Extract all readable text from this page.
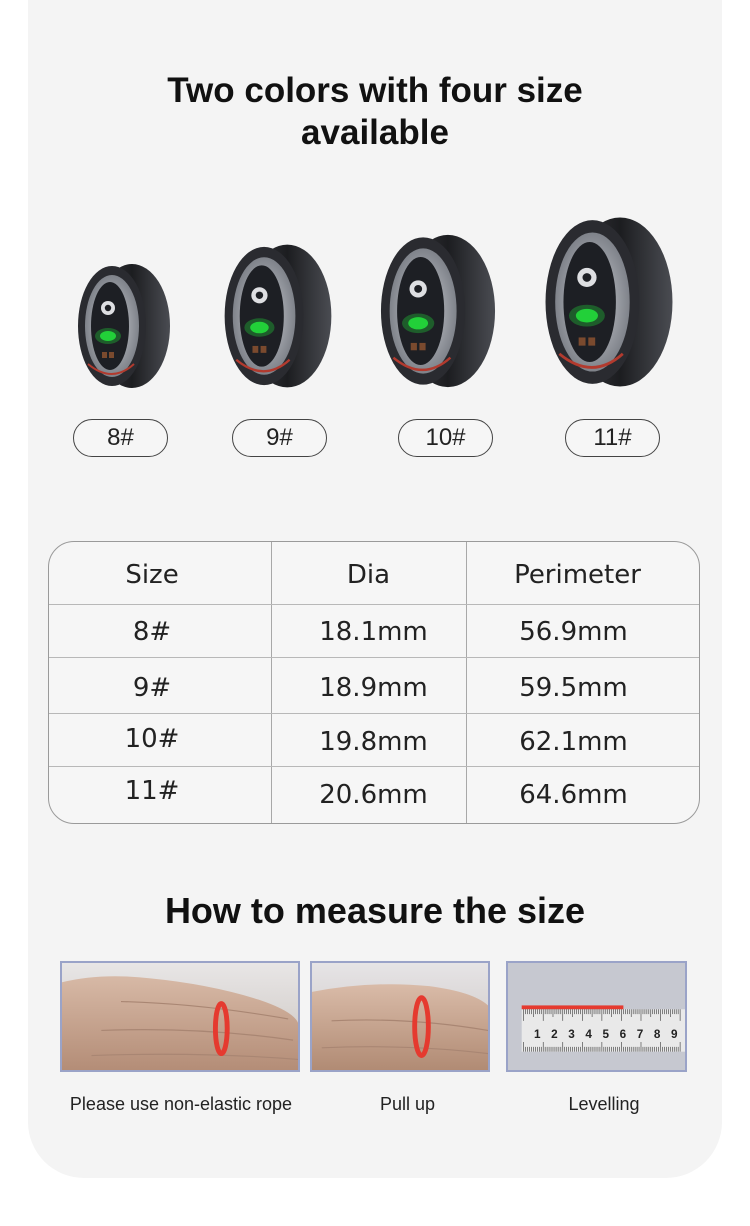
Two colors with four size
available
8#	9#	10#	11#
Size	Dia	Perimeter
8#	18.1mm	56.9mm
9#	18.9mm	59.5mm
10#	19.8mm	62.1mm
11#	20.6mm	64.6mm
How to measure the size
1 2 3 4 5 6 7 8 9
Please use non-elastic rope	Pull up	Levelling
